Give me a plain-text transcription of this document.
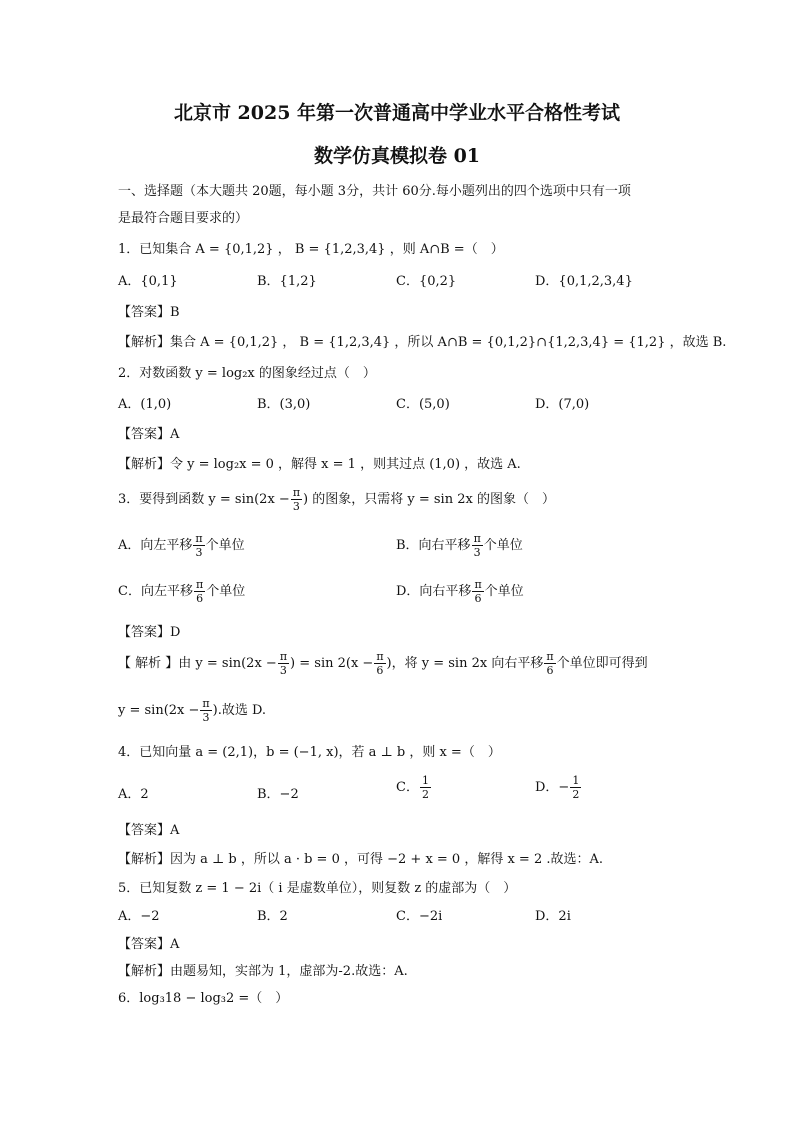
北京市 2025 年第一次普通高中学业水平合格性考试
数学仿真模拟卷 01
一、选择题（本大题共 20题，每小题 3分，共计 60分.每小题列出的四个选项中只有一项
是最符合题目要求的）
1．已知集合 A = {0,1,2} ， B = {1,2,3,4} ，则 A∩B =（　）
A．{0,1}	B．{1,2}	C．{0,2}	D．{0,1,2,3,4}
【答案】B
【解析】集合 A = {0,1,2} ， B = {1,2,3,4} ，所以 A∩B = {0,1,2}∩{1,2,3,4} = {1,2} ，故选 B.
2．对数函数 y = log₂x 的图象经过点（　）
A．(1,0)	B．(3,0)	C．(5,0)	D．(7,0)
【答案】A
【解析】令 y = log₂x = 0 ，解得 x = 1 ，则其过点 (1,0) ，故选 A.
3．要得到函数 $y = \sin(2x - \frac{\pi}{3}$ ) 的图象，只需将 y = sin 2x 的图象（　）
A．向左平移 $\frac{\pi}{3}$ 个单位	B．向右平移 $\frac{\pi}{3}$ 个单位
C．向左平移 $\frac{\pi}{6}$ 个单位	D．向右平移 $\frac{\pi}{6}$ 个单位
【答案】D
【 解析 】由 $y = \sin(2x - \frac{\pi}{3}$ ) = $\sin 2(x - \frac{\pi}{6}$ )，将 y = sin 2x 向右平移 $\frac{\pi}{6}$ 个单位即可得到
$y = \sin(2x - \frac{\pi}{3}$ ).故选 D.
4．已知向量 a = (2,1)，b = (−1, x)，若 a ⊥ b ，则 x =（　）
A．2	B．−2	C． $\frac{1}{2}$	D．− $\frac{1}{2}$
【答案】A
【解析】因为 a ⊥ b ，所以 a · b = 0 ，可得 −2 + x = 0 ，解得 x = 2 .故选：A.
5．已知复数 z = 1 − 2i（ i 是虚数单位），则复数 z 的虚部为（　）
A．−2	B．2	C．−2i	D．2i
【答案】A
【解析】由题易知，实部为 1，虚部为-2.故选：A.
6．log₃18 − log₃2 =（　）
